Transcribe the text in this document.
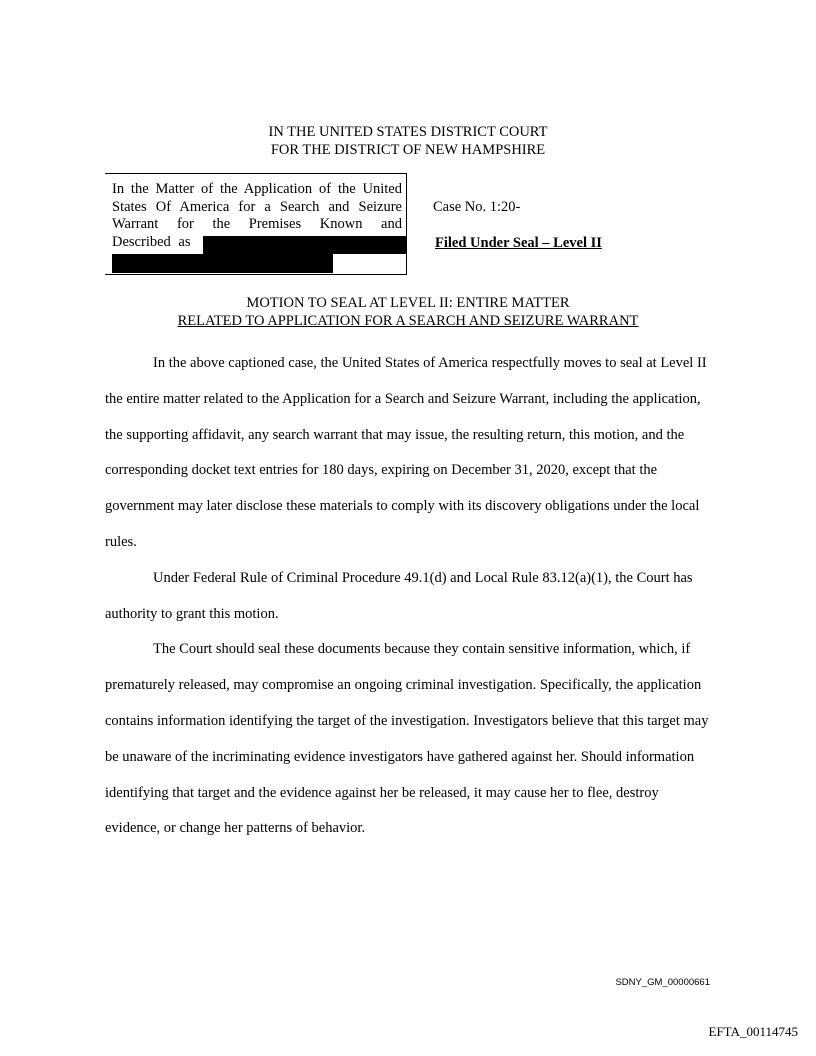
IN THE UNITED STATES DISTRICT COURT
FOR THE DISTRICT OF NEW HAMPSHIRE
In the Matter of the Application of the United
States Of America for a Search and Seizure
Warrant for the Premises Known and
Described as
Case No. 1:20-
Filed Under Seal – Level II
MOTION TO SEAL AT LEVEL II: ENTIRE MATTER
RELATED TO APPLICATION FOR A SEARCH AND SEIZURE WARRANT

In the above captioned case, the United States of America respectfully moves to seal at Level II the entire matter related to the Application for a Search and Seizure Warrant, including the application, the supporting affidavit, any search warrant that may issue, the resulting return, this motion, and the corresponding docket text entries for 180 days, expiring on December 31, 2020, except that the government may later disclose these materials to comply with its discovery obligations under the local rules.

Under Federal Rule of Criminal Procedure 49.1(d) and Local Rule 83.12(a)(1), the Court has authority to grant this motion.

The Court should seal these documents because they contain sensitive information, which, if prematurely released, may compromise an ongoing criminal investigation. Specifically, the application contains information identifying the target of the investigation. Investigators believe that this target may be unaware of the incriminating evidence investigators have gathered against her. Should information identifying that target and the evidence against her be released, it may cause her to flee, destroy evidence, or change her patterns of behavior.

SDNY_GM_00000661
EFTA_00114745
